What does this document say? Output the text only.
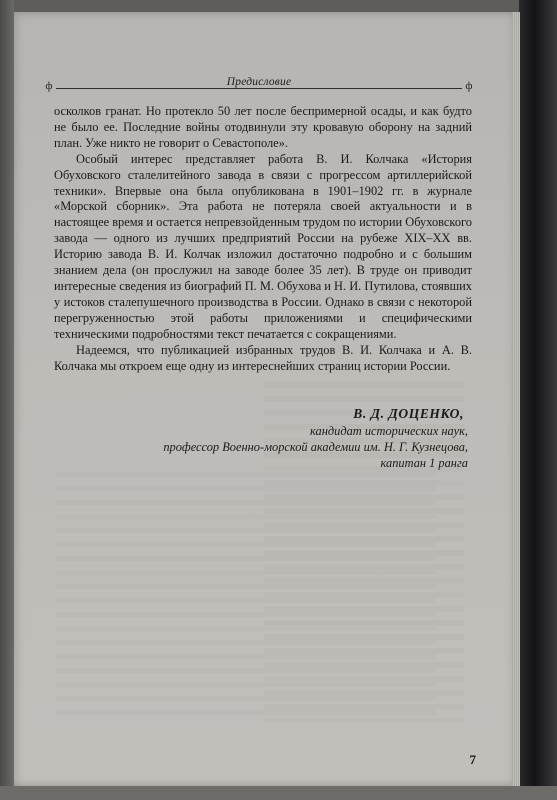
ф	Предисловие	ф

осколков гранат. Но протекло 50 лет после беспримерной осады, и как будто не было ее. Последние войны отодвинули эту кровавую оборону на задний план. Уже никто не говорит о Севастополе».

Особый интерес представляет работа В. И. Колчака «История Обуховского сталелитейного завода в связи с прогрессом артиллерийской техники». Впервые она была опубликована в 1901–1902 гг. в журнале «Морской сборник». Эта работа не потеряла своей актуальности и в настоящее время и остается непревзойденным трудом по истории Обуховского завода — одного из лучших предприятий России на рубеже XIX–XX вв. Историю завода В. И. Колчак изложил достаточно подробно и с большим знанием дела (он прослужил на заводе более 35 лет). В труде он приводит интересные сведения из биографий П. М. Обухова и Н. И. Путилова, стоявших у истоков сталепушечного производства в России. Однако в связи с некоторой перегруженностью этой работы приложениями и специфическими техническими подробностями текст печатается с сокращениями.

Надеемся, что публикацией избранных трудов В. И. Колчака и А. В. Колчака мы откроем еще одну из интереснейших страниц истории России.

В. Д. ДОЦЕНКО,
кандидат исторических наук,
профессор Военно-морской академии им. Н. Г. Кузнецова,
капитан 1 ранга
7
